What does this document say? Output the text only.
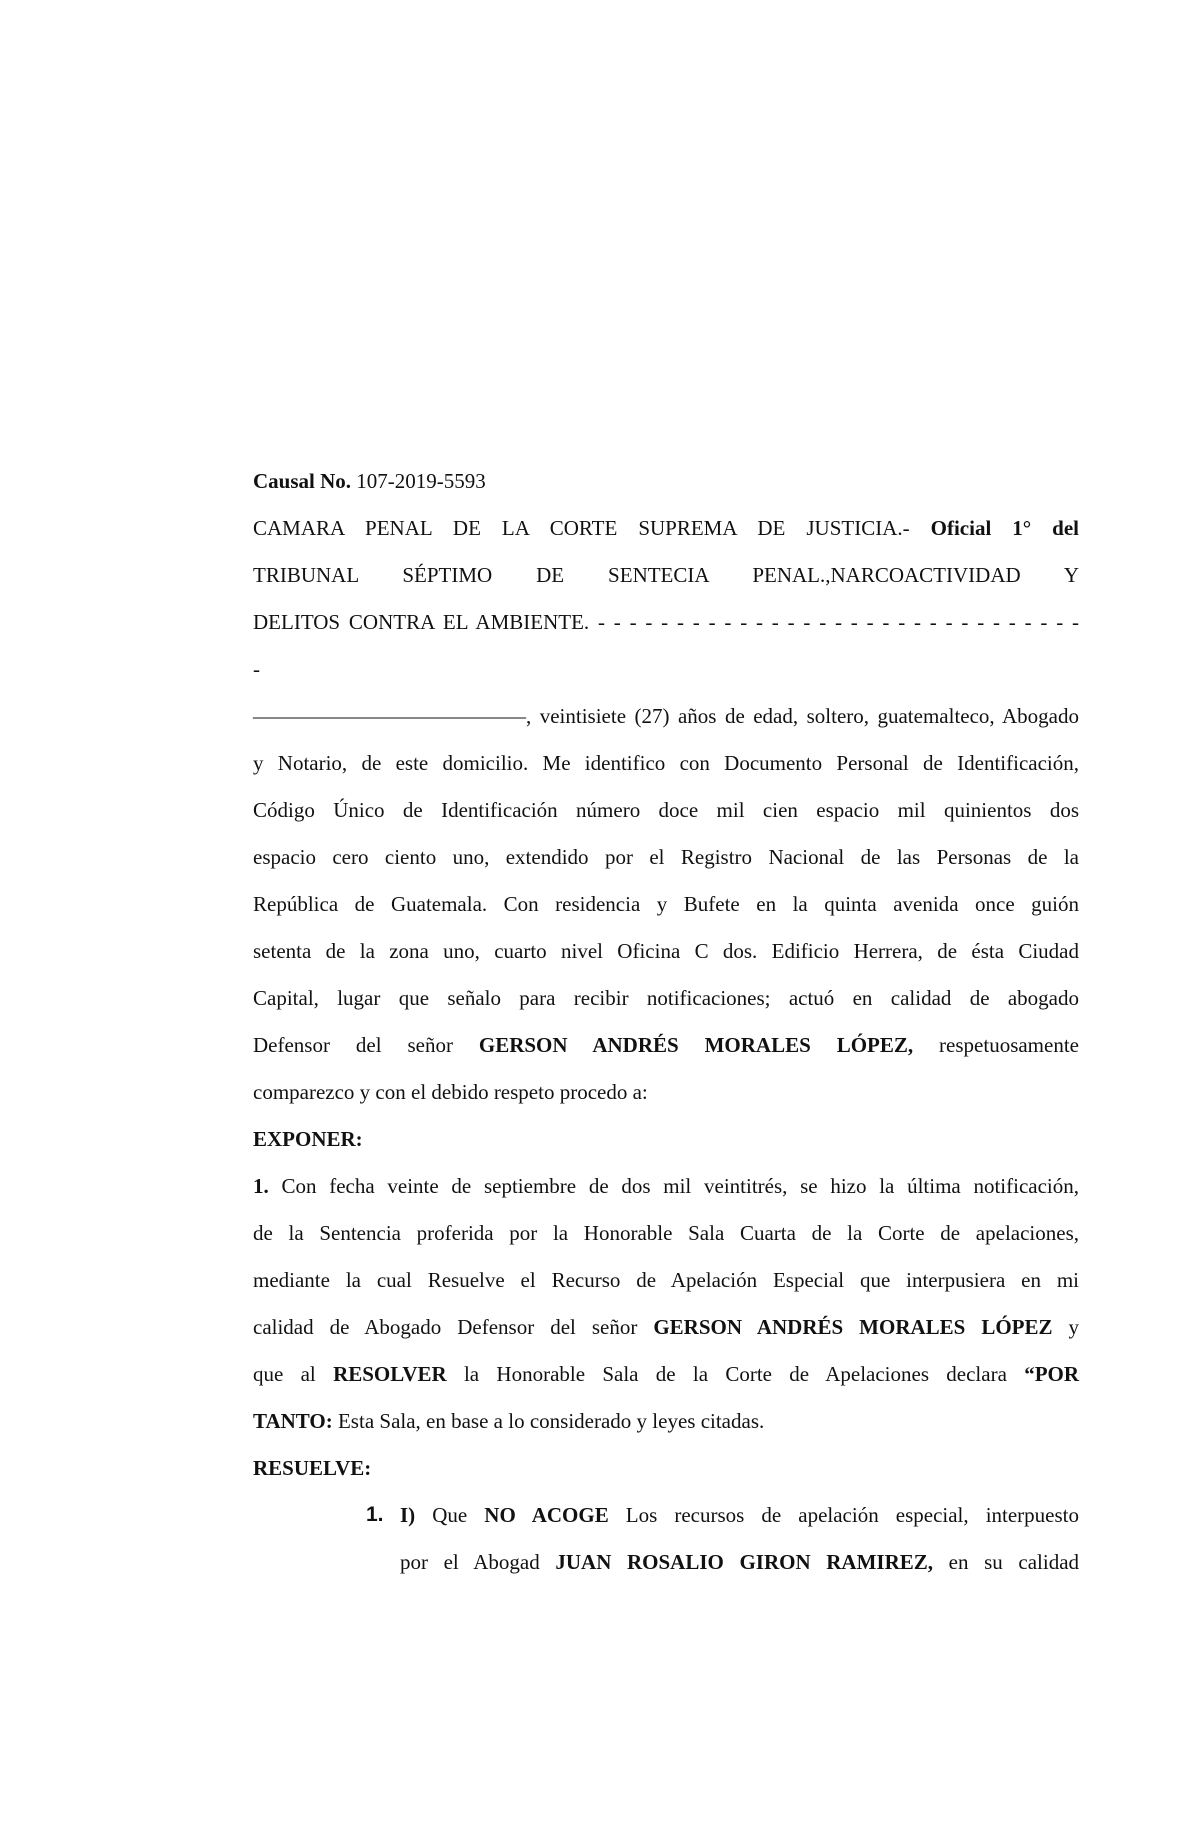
Causal No. 107-2019-5593

CAMARA PENAL DE LA CORTE SUPREMA DE JUSTICIA.- Oficial 1° del

TRIBUNAL SÉPTIMO DE SENTECIA PENAL.,NARCOACTIVIDAD Y

DELITOS CONTRA EL AMBIENTE. - - - - - - - - - - - - - - - - - - - - - - - - - - - - - - -

-

—————————————, veintisiete (27) años de edad, soltero, guatemalteco, Abogado

y Notario, de este domicilio. Me identifico con Documento Personal de Identificación,

Código Único de Identificación número doce mil cien espacio mil quinientos dos

espacio cero ciento uno, extendido por el Registro Nacional de las Personas de la

República de Guatemala. Con residencia y Bufete en la quinta avenida once guión

setenta de la zona uno, cuarto nivel Oficina C dos. Edificio Herrera, de ésta Ciudad

Capital, lugar que señalo para recibir notificaciones; actuó en calidad de abogado

Defensor del señor GERSON ANDRÉS MORALES LÓPEZ, respetuosamente

comparezco y con el debido respeto procedo a:

EXPONER:

1. Con fecha veinte de septiembre de dos mil veintitrés, se hizo la última notificación,

de la Sentencia proferida por la Honorable Sala Cuarta de la Corte de apelaciones,

mediante la cual Resuelve el Recurso de Apelación Especial que interpusiera en mi

calidad de Abogado Defensor del señor GERSON ANDRÉS MORALES LÓPEZ y

que al RESOLVER la Honorable Sala de la Corte de Apelaciones declara “POR

TANTO: Esta Sala, en base a lo considerado y leyes citadas.

RESUELVE:

1. I) Que NO ACOGE Los recursos de apelación especial, interpuesto

por el Abogad JUAN ROSALIO GIRON RAMIREZ, en su calidad
